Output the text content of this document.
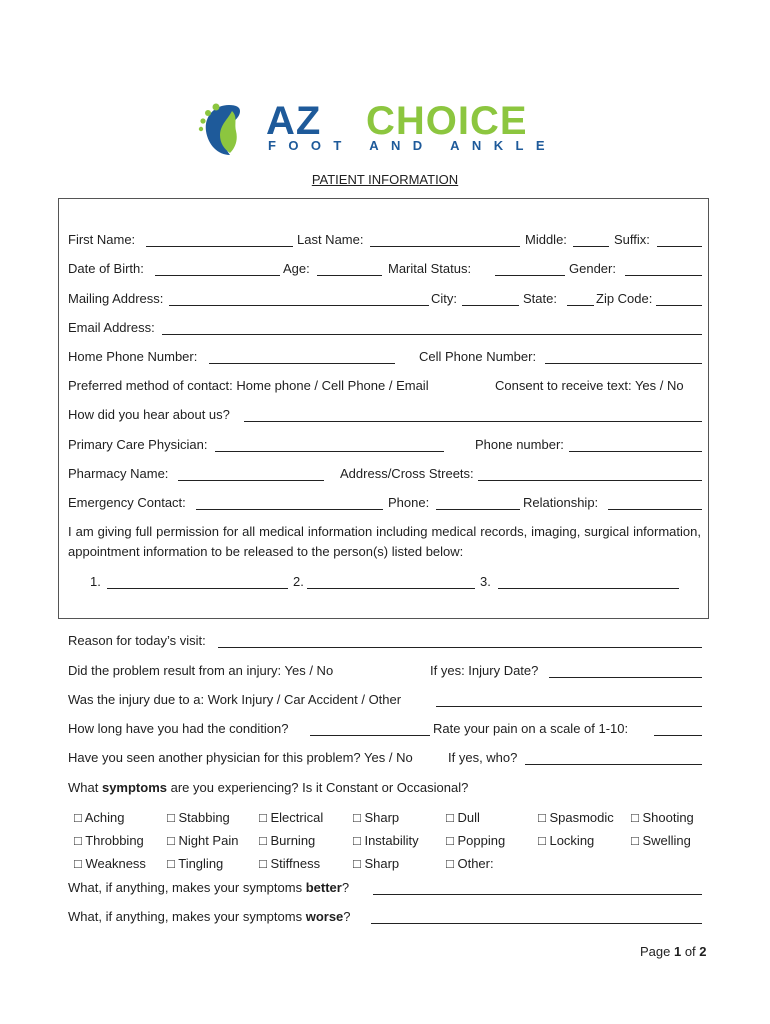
AZ CHOICE
FOOT AND ANKLE
PATIENT INFORMATION
First Name:	Last Name:	Middle:	Suffix:
Date of Birth:	Age:	Marital Status:	Gender:
Mailing Address:	City:	State:	Zip Code:
Email Address:
Home Phone Number:	Cell Phone Number:
Preferred method of contact: Home phone / Cell Phone / Email	Consent to receive text: Yes / No
How did you hear about us?
Primary Care Physician:	Phone number:
Pharmacy Name:	Address/Cross Streets:
Emergency Contact:	Phone:	Relationship:
I am giving full permission for all medical information including medical records, imaging, surgical information, appointment information to be released to the person(s) listed below:
1.	2.	3.
Reason for today’s visit:
Did the problem result from an injury: Yes / No	If yes: Injury Date?
Was the injury due to a: Work Injury / Car Accident / Other
How long have you had the condition?	Rate your pain on a scale of 1-10:
Have you seen another physician for this problem? Yes / No	If yes, who?
What symptoms are you experiencing? Is it Constant or Occasional?
□ Aching	□ Stabbing □ Electrical □ Sharp	□ Dull	□ Spasmodic □ Shooting
□ Throbbing □ Night Pain □ Burning	□ Instability □ Popping	□ Locking	□ Swelling
□ Weakness □ Tingling	□ Stiffness	□ Sharp	□ Other:
What, if anything, makes your symptoms better?
What, if anything, makes your symptoms worse?
Page 1 of 2
